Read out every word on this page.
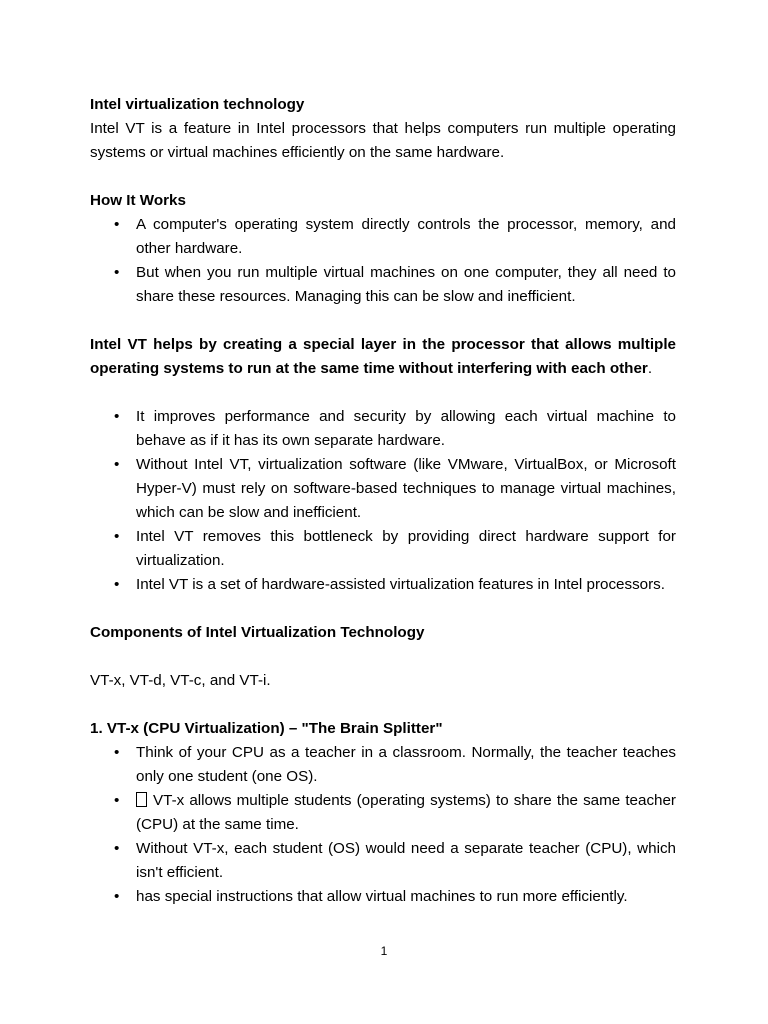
Intel virtualization technology

Intel VT is a feature in Intel processors that helps computers run multiple operating systems or virtual machines efficiently on the same hardware.

How It Works

• A computer's operating system directly controls the processor, memory, and other hardware.
• But when you run multiple virtual machines on one computer, they all need to share these resources. Managing this can be slow and inefficient.

Intel VT helps by creating a special layer in the processor that allows multiple operating systems to run at the same time without interfering with each other.

• It improves performance and security by allowing each virtual machine to behave as if it has its own separate hardware.
• Without Intel VT, virtualization software (like VMware, VirtualBox, or Microsoft Hyper-V) must rely on software-based techniques to manage virtual machines, which can be slow and inefficient.
• Intel VT removes this bottleneck by providing direct hardware support for virtualization.
• Intel VT is a set of hardware-assisted virtualization features in Intel processors.

Components of Intel Virtualization Technology

VT-x, VT-d, VT-c, and VT-i.

1. VT-x (CPU Virtualization) – "The Brain Splitter"

• Think of your CPU as a teacher in a classroom. Normally, the teacher teaches only one student (one OS).
• VT-x allows multiple students (operating systems) to share the same teacher (CPU) at the same time.
• Without VT-x, each student (OS) would need a separate teacher (CPU), which isn't efficient.
• has special instructions that allow virtual machines to run more efficiently.
1
